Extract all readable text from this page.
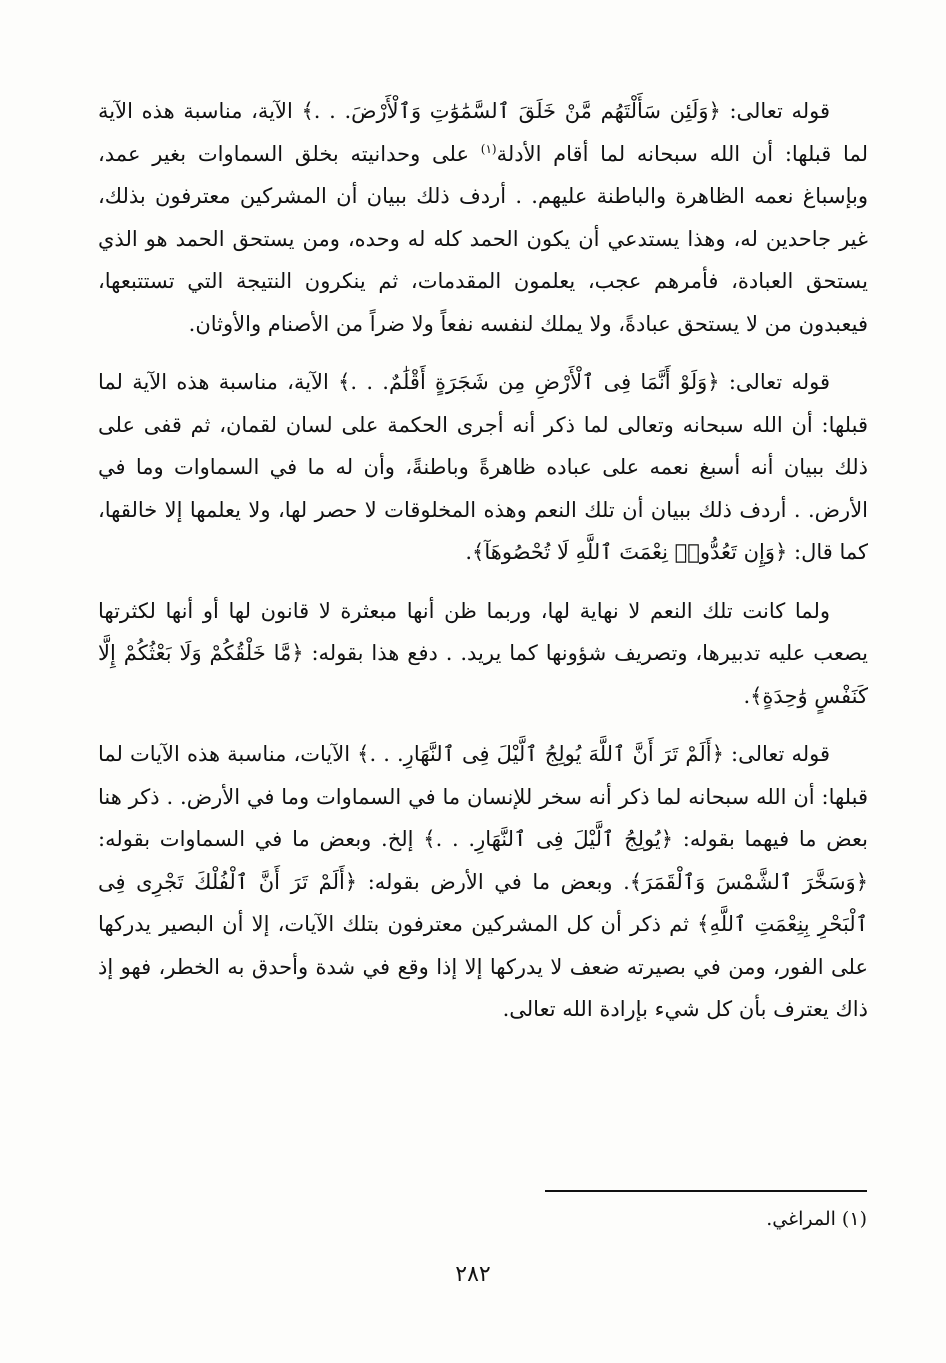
قوله تعالى: ﴿وَلَئِن سَأَلْتَهُم مَّنْ خَلَقَ ٱلسَّمَٰوَٰتِ وَٱلْأَرْضَ. . .﴾ الآية، مناسبة هذه الآية لما قبلها: أن الله سبحانه لما أقام الأدلة$^{(١)}$ على وحدانيته بخلق السماوات بغير عمد، وبإسباغ نعمه الظاهرة والباطنة عليهم. . أردف ذلك ببيان أن المشركين معترفون بذلك، غير جاحدين له، وهذا يستدعي أن يكون الحمد كله له وحده، ومن يستحق الحمد هو الذي يستحق العبادة، فأمرهم عجب، يعلمون المقدمات، ثم ينكرون النتيجة التي تستتبعها، فيعبدون من لا يستحق عبادةً، ولا يملك لنفسه نفعاً ولا ضراً من الأصنام والأوثان.

قوله تعالى: ﴿وَلَوْ أَنَّمَا فِى ٱلْأَرْضِ مِن شَجَرَةٍ أَقْلَٰمٌ. . .﴾ الآية، مناسبة هذه الآية لما قبلها: أن الله سبحانه وتعالى لما ذكر أنه أجرى الحكمة على لسان لقمان، ثم قفى على ذلك ببيان أنه أسبغ نعمه على عباده ظاهرةً وباطنةً، وأن له ما في السماوات وما في الأرض. . أردف ذلك ببيان أن تلك النعم وهذه المخلوقات لا حصر لها، ولا يعلمها إلا خالقها، كما قال: ﴿وَإِن تَعُدُّوا۟ نِعْمَتَ ٱللَّهِ لَا تُحْصُوهَآ﴾.

ولما كانت تلك النعم لا نهاية لها، وربما ظن أنها مبعثرة لا قانون لها أو أنها لكثرتها يصعب عليه تدبيرها، وتصريف شؤونها كما يريد. . دفع هذا بقوله: ﴿مَّا خَلْقُكُمْ وَلَا بَعْثُكُمْ إِلَّا كَنَفْسٍ وَٰحِدَةٍ﴾.

قوله تعالى: ﴿أَلَمْ تَرَ أَنَّ ٱللَّهَ يُولِجُ ٱلَّيْلَ فِى ٱلنَّهَارِ. . .﴾ الآيات، مناسبة هذه الآيات لما قبلها: أن الله سبحانه لما ذكر أنه سخر للإنسان ما في السماوات وما في الأرض. . ذكر هنا بعض ما فيهما بقوله: ﴿يُولِجُ ٱلَّيْلَ فِى ٱلنَّهَارِ. . .﴾ إلخ. وبعض ما في السماوات بقوله: ﴿وَسَخَّرَ ٱلشَّمْسَ وَٱلْقَمَرَ﴾. وبعض ما في الأرض بقوله: ﴿أَلَمْ تَرَ أَنَّ ٱلْفُلْكَ تَجْرِى فِى ٱلْبَحْرِ بِنِعْمَتِ ٱللَّهِ﴾ ثم ذكر أن كل المشركين معترفون بتلك الآيات، إلا أن البصير يدركها على الفور، ومن في بصيرته ضعف لا يدركها إلا إذا وقع في شدة وأحدق به الخطر، فهو إذ ذاك يعترف بأن كل شيء بإرادة الله تعالى.

(١) المراغي.
٢٨٢
